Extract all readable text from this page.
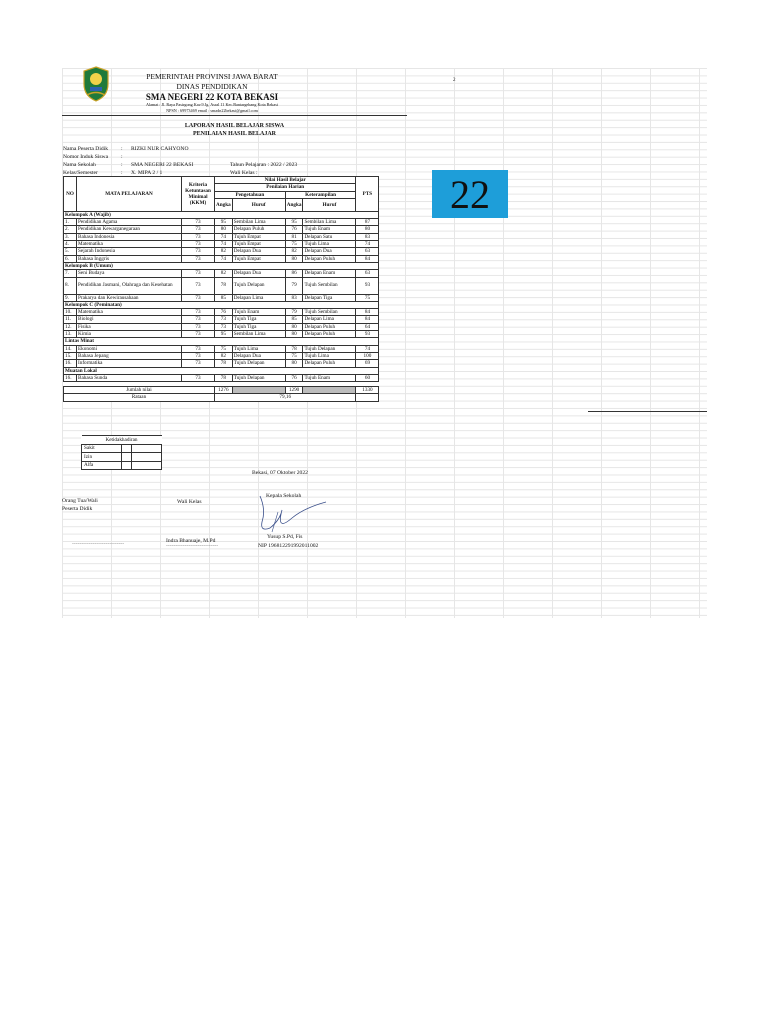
PEMERINTAH PROVINSI JAWA BARAT
DINAS PENDIDIKAN
SMA NEGERI 22 KOTA BEKASI
Alamat : Jl. Raya Pasirgong Kav.9 Jg. Asral 11 Kec.Bantargebang Kota Bekasi
NPSN : 69973469 email : smadn22bekasi@gmail.com
2
LAPORAN HASIL BELAJAR SISWA
PENILAIAN HASIL BELAJAR
Nama Peserta Didik : RIZKI NUR CAHYONO
Nomor Induk Siswa :
Nama Sekolah	: SMA NEGERI 22 BEKASI	Tahun Pelajaran : 2022 / 2023
Kelas/Semester	: X. MIPA 2 / 1	Wali Kelas :
NO	MATA PELAJARAN	Kriteria Ketuntasan Minimal (KKM)	Nilai Hasil Belajar				PTS
			Penilaian Harian				
			Pengetahuan		Keterampilan		
			Angka	Huruf	Angka	Huruf	
Kelompok A (Wajib)							
1.	Pendidikan Agama	73	95	Sembilan Lima	95	Sembilan Lima	87
2.	Pendidikan Kewarganegaraan	73	80	Delapan Puluh	76	Tujuh Enam	80
3.	Bahasa Indonesia	73	74	Tujuh Empat	81	Delapan Satu	83
4.	Matematika	73	74	Tujuh Empat	75	Tujuh Lima	74
5.	Sejarah Indonesia	73	82	Delapan Dua	82	Delapan Dua	63
6.	Bahasa Inggris	73	74	Tujuh Empat	80	Delapan Puluh	84
Kelompok B (Umum)							
7.	Seni Budaya	73	82	Delapan Dua	86	Delapan Enam	63
8.	Pendidikan Jasmani, Olahraga dan Kesehatan	73	78	Tujuh Delapan	79	Tujuh Sembilan	93
9.	Prakarya dan Kewirausahaan	73	85	Delapan Lima	83	Delapan Tiga	75
Kelompok C (Peminatan)							
10.	Matematika	73	76	Tujuh Enam	79	Tujuh Sembilan	84
11.	Biologi	73	73	Tujuh Tiga	85	Delapan Lima	84
12.	Fisika	73	73	Tujuh Tiga	80	Delapan Puluh	64
13.	Kimia	73	95	Sembilan Lima	80	Delapan Puluh	93
Lintas Minat							
14.	Ekonomi	73	75	Tujuh Lima	78	Tujuh Delapan	74
15.	Bahasa Jepang	73	82	Delapan Dua	75	Tujuh Lima	100
16.	Informatika	73	78	Tujuh Delapan	80	Delapan Puluh	69
Muatan Lokal							
16.	Bahasa Sunda	73	78	Tujuh Delapan	76	Tujuh Enam	60

Jumlah nilai			1276		1290		1330
Rataan			79,16				
Ketidakhadiran		
Sakit		
Izin		
Alfa		
Bekasi, 07 Oktober 2022
Orang Tua/Wali
Peserta Didik
----------------------------
Wali Kelas
Indra Bhanuaje, M.Pd
----------------------------
Kepala Sekolah
Yusup S.Pd, Fis
NIP 196812291992011002
22
